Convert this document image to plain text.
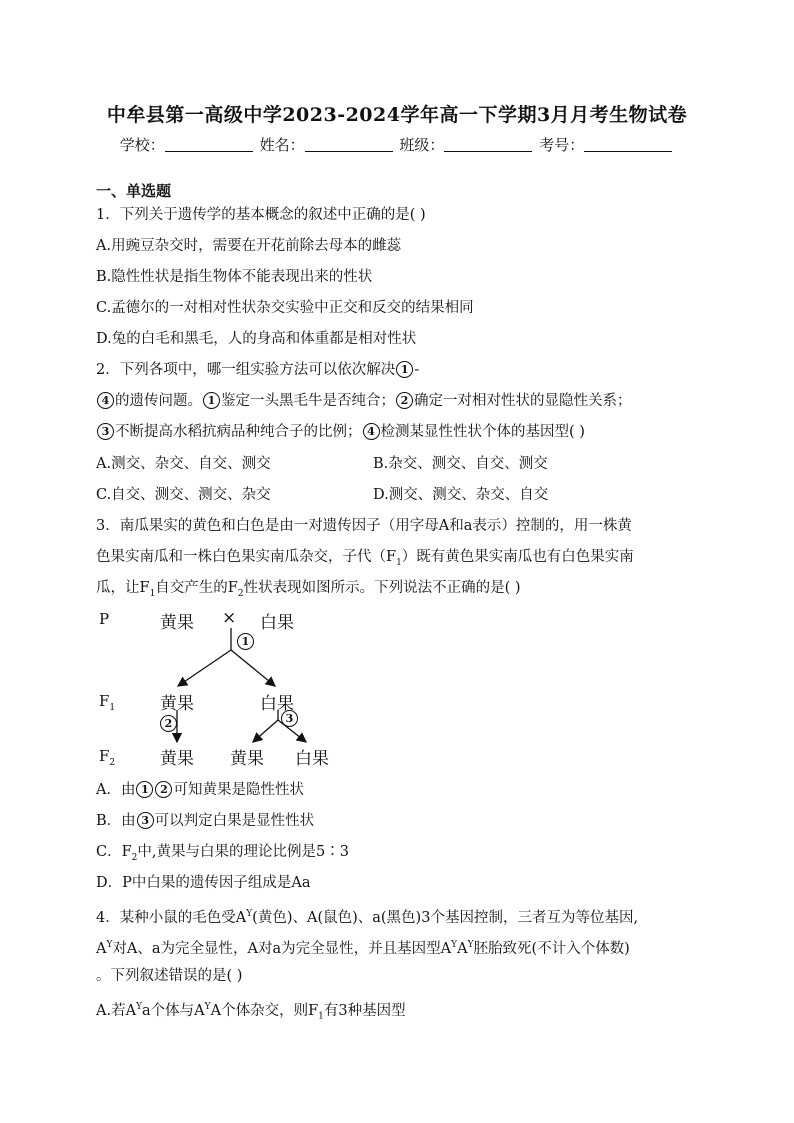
中牟县第一高级中学2023-2024学年高一下学期3月月考生物试卷
学校：	姓名：	班级：	考号：
一、单选题
1．下列关于遗传学的基本概念的叙述中正确的是( )
A.用豌豆杂交时，需要在开花前除去母本的雌蕊
B.隐性性状是指生物体不能表现出来的性状
C.孟德尔的一对相对性状杂交实验中正交和反交的结果相同
D.兔的白毛和黑毛，人的身高和体重都是相对性状
2．下列各项中，哪一组实验方法可以依次解决 1 -
4 的遗传问题。 1 鉴定一头黑毛牛是否纯合； 2 确定一对相对性状的显隐性关系；
3 不断提高水稻抗病品种纯合子的比例； 4 检测某显性性状个体的基因型( )
A.测交、杂交、自交、测交	B.杂交、测交、自交、测交
C.自交、测交、测交、杂交	D.测交、测交、杂交、自交
3．南瓜果实的黄色和白色是由一对遗传因子（用字母A和a表示）控制的，用一株黄
色果实南瓜和一株白色果实南瓜杂交，子代$(F_1)$既有黄色果实南瓜也有白色果实南
瓜，让$F_1$自交产生的$F_2$性状表现如图所示。下列说法不正确的是( )
P	黄果 × 白果
1
$F_1$	黄果	白果
2	3
$F_2$	黄果 黄果 白果
A．由 1 2 可知黄果是隐性性状
B．由 3 可以判定白果是显性性状
C．$F_2$中,黄果与白果的理论比例是5∶3
D．P中白果的遗传因子组成是Aa
4．某种小鼠的毛色受$A^Y$(黄色)、A(鼠色)、a(黑色)3个基因控制，三者互为等位基因,
$A^Y$对A、a为完全显性，A对a为完全显性，并且基因型$A^YA^Y$胚胎致死(不计入个体数)
。下列叙述错误的是( )
A.若$A^Ya$个体与$A^YA$个体杂交，则$F_1$有3种基因型
